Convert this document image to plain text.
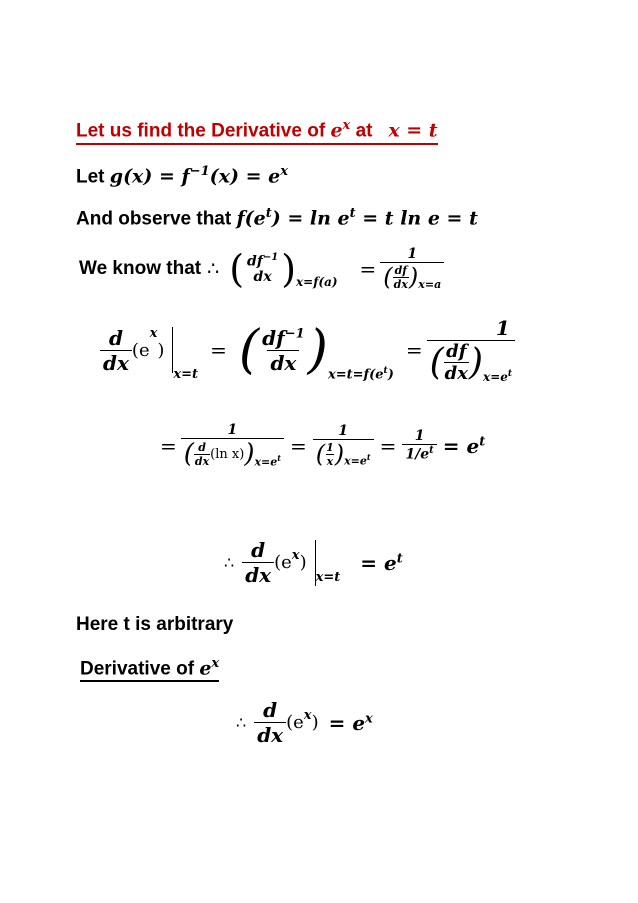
Let us find the Derivative of $e^x$ at   x = t
Let $g(x) = f^{-1}(x) = e^x$
And observe that $f(e^t) = \ln e^t = t$ ln e = t
We know that ∴ ( $df^{-1}$
dx ) x=f(a)
= $\frac{1}{( \frac{df}{dx} ) x=a}$
$\frac{d}{dx} (e$
$^x$
)
x=t
= ( $\frac{df^{-1}}{dx}$ ) $x=t=f(e^t)$
= $\frac{1}{( \frac{df}{dx} ) x=e^t}$
=
1
( $\frac{d}{dx} (\ln$ x) ) $x=e^t$
= $\frac{1}{( \frac{1}{x} ) x=e^t} = \frac{1}{1/e^t} = e^t$
∴ $\frac{d}{dx} (e^x$ )
x=t
= $e^t$
Here t is arbitrary
Derivative of $e^x$
∴ $\frac{d}{dx} (e^x$ ) = $e^x$
